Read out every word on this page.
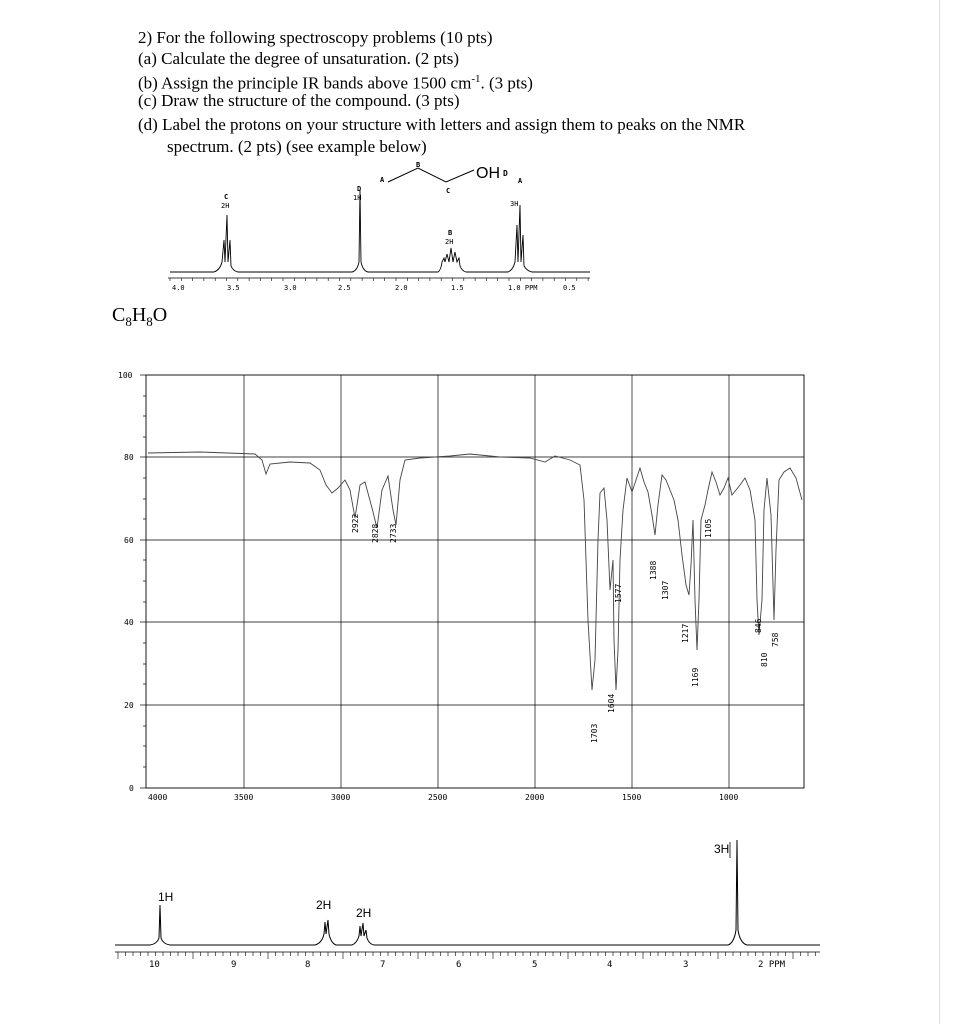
2) For the following spectroscopy problems (10 pts)
(a) Calculate the degree of unsaturation. (2 pts)
(b) Assign the principle IR bands above 1500 $cm^{-1}$. (3 pts)
(c) Draw the structure of the compound. (3 pts)
(d) Label the protons on your structure with letters and assign them to peaks on the NMR
spectrum. (2 pts) (see example below)
OH D
A
B
C
C
2H
D
1H
B
2H
A
3H
4.0	3.5	3.0	2.5	2.0	1.5	1.0 PPM	0.5
$C_8H_8O$
100
80
60
40
20
0
4000	3500	3000	2500	2000	1500	1000
2922
2828 2733
1703
1604
1577
1388
1307
1217
1169
1105
846
810
758
1H
2H
2H
3H
10	9	8	7	6	5	4	3	2 PPM
